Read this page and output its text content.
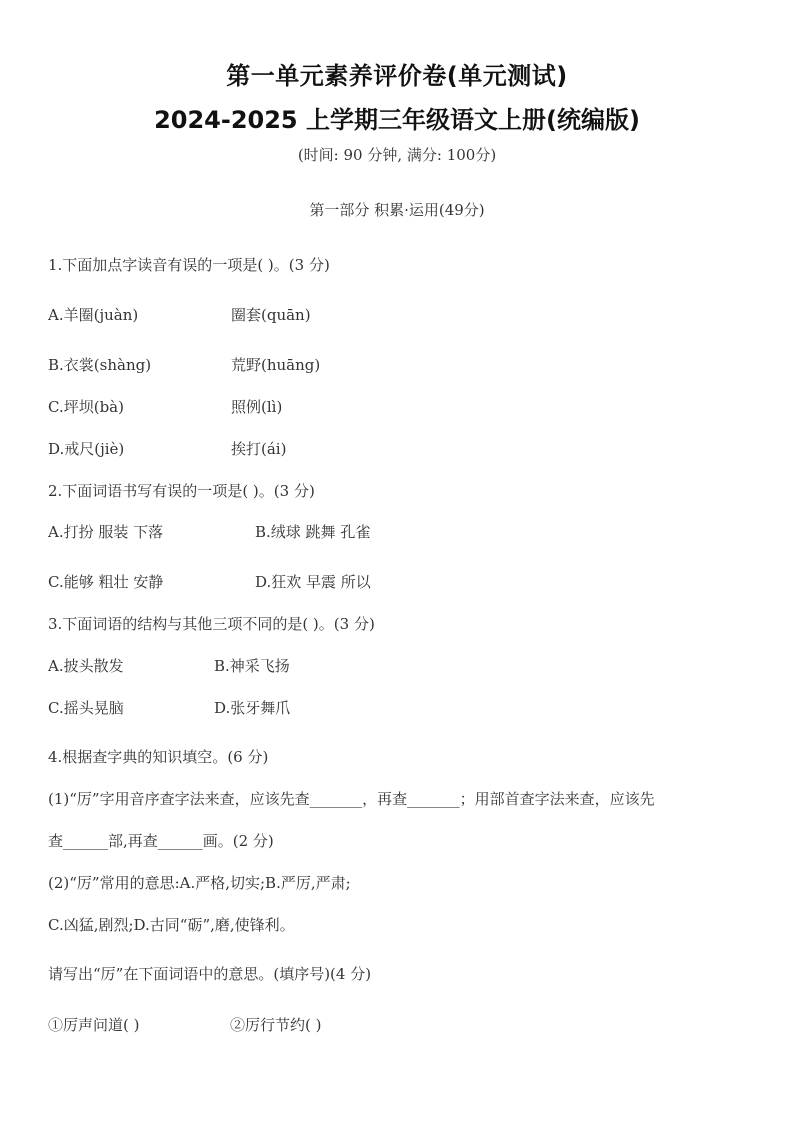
第一单元素养评价卷(单元测试)
2024-2025 上学期三年级语文上册(统编版)
(时间: 90 分钟, 满分: 100分)
第一部分 积累·运用(49分)
1.下面加点字读音有误的一项是( )。(3 分)
A.羊圈(juàn)	圈套(quān)
B.衣裳(shàng)	荒野(huāng)
C.坪坝(bà)	照例(lì)
D.戒尺(jiè)	挨打(ái)
2.下面词语书写有误的一项是( )。(3 分)
A.打扮 服装 下落	B.绒球 跳舞 孔雀
C.能够 粗壮 安静	D.狂欢 早震 所以
3.下面词语的结构与其他三项不同的是( )。(3 分)
A.披头散发	B.神采飞扬
C.摇头晃脑	D.张牙舞爪
4.根据查字典的知识填空。(6 分)
(1)“厉”字用音序查字法来查，应该先查_______，再查_______；用部首查字法来查，应该先
查______部,再查______画。(2 分)
(2)“厉”常用的意思:A.严格,切实;B.严厉,严肃;
C.凶猛,剧烈;D.古同“砺”,磨,使锋利。
请写出“厉”在下面词语中的意思。(填序号)(4 分)
①厉声问道( )	②厉行节约( )
